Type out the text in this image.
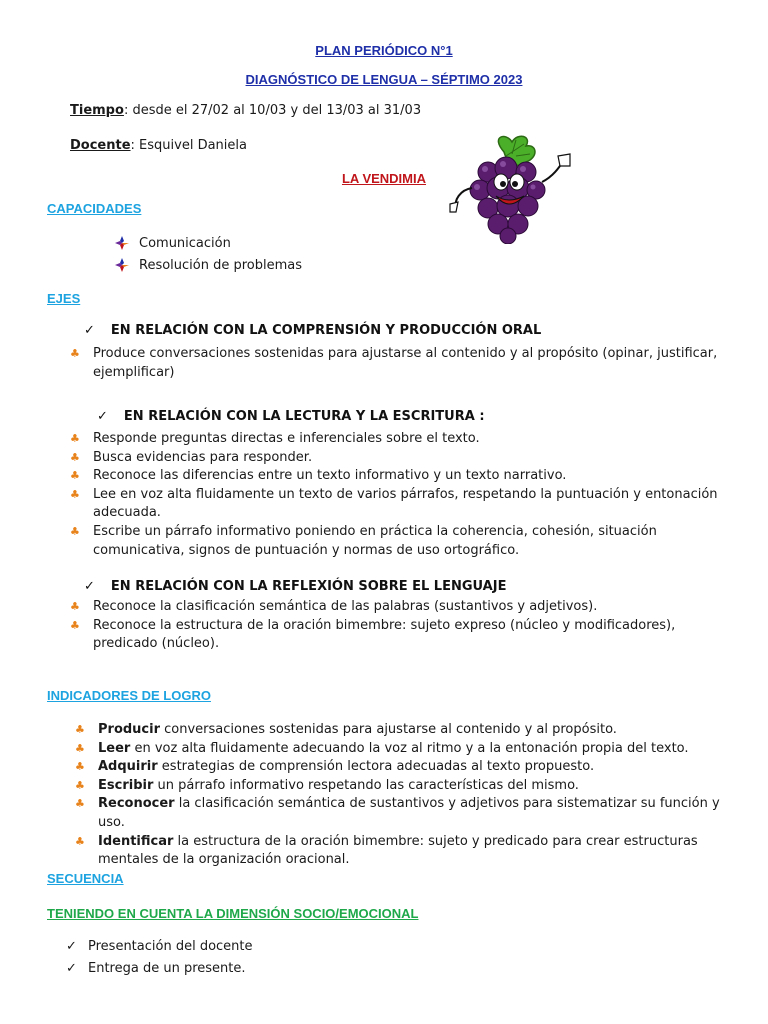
PLAN PERIÓDICO N°1
DIAGNÓSTICO DE LENGUA – SÉPTIMO 2023
Tiempo: desde el 27/02 al 10/03 y del 13/03 al 31/03
Docente: Esquivel Daniela
LA VENDIMIA
CAPACIDADES
Comunicación
Resolución de problemas
EJES
✓ EN RELACIÓN CON LA COMPRENSIÓN Y PRODUCCIÓN ORAL
♣ Produce conversaciones sostenidas para ajustarse al contenido y al propósito (opinar, justificar, ejemplificar)
✓ EN RELACIÓN CON LA LECTURA Y LA ESCRITURA :
♣ Responde preguntas directas e inferenciales sobre el texto.
♣ Busca evidencias para responder.
♣ Reconoce las diferencias entre un texto informativo y un texto narrativo.
♣ Lee en voz alta fluidamente un texto de varios párrafos, respetando la puntuación y entonación adecuada.
♣ Escribe un párrafo informativo poniendo en práctica la coherencia, cohesión, situación comunicativa, signos de puntuación y normas de uso ortográfico.
✓ EN RELACIÓN CON LA REFLEXIÓN SOBRE EL LENGUAJE
♣ Reconoce la clasificación semántica de las palabras (sustantivos y adjetivos).
♣ Reconoce la estructura de la oración bimembre: sujeto expreso (núcleo y modificadores), predicado (núcleo).
INDICADORES DE LOGRO
♣ Producir conversaciones sostenidas para ajustarse al contenido y al propósito.
♣ Leer en voz alta fluidamente adecuando la voz al ritmo y a la entonación propia del texto.
♣ Adquirir estrategias de comprensión lectora adecuadas al texto propuesto.
♣ Escribir un párrafo informativo respetando las características del mismo.
♣ Reconocer la clasificación semántica de sustantivos y adjetivos para sistematizar su función y uso.
♣ Identificar la estructura de la oración bimembre: sujeto y predicado para crear estructuras mentales de la organización oracional.
SECUENCIA
TENIENDO EN CUENTA LA DIMENSIÓN SOCIO/EMOCIONAL
✓ Presentación del docente
✓ Entrega de un presente.
